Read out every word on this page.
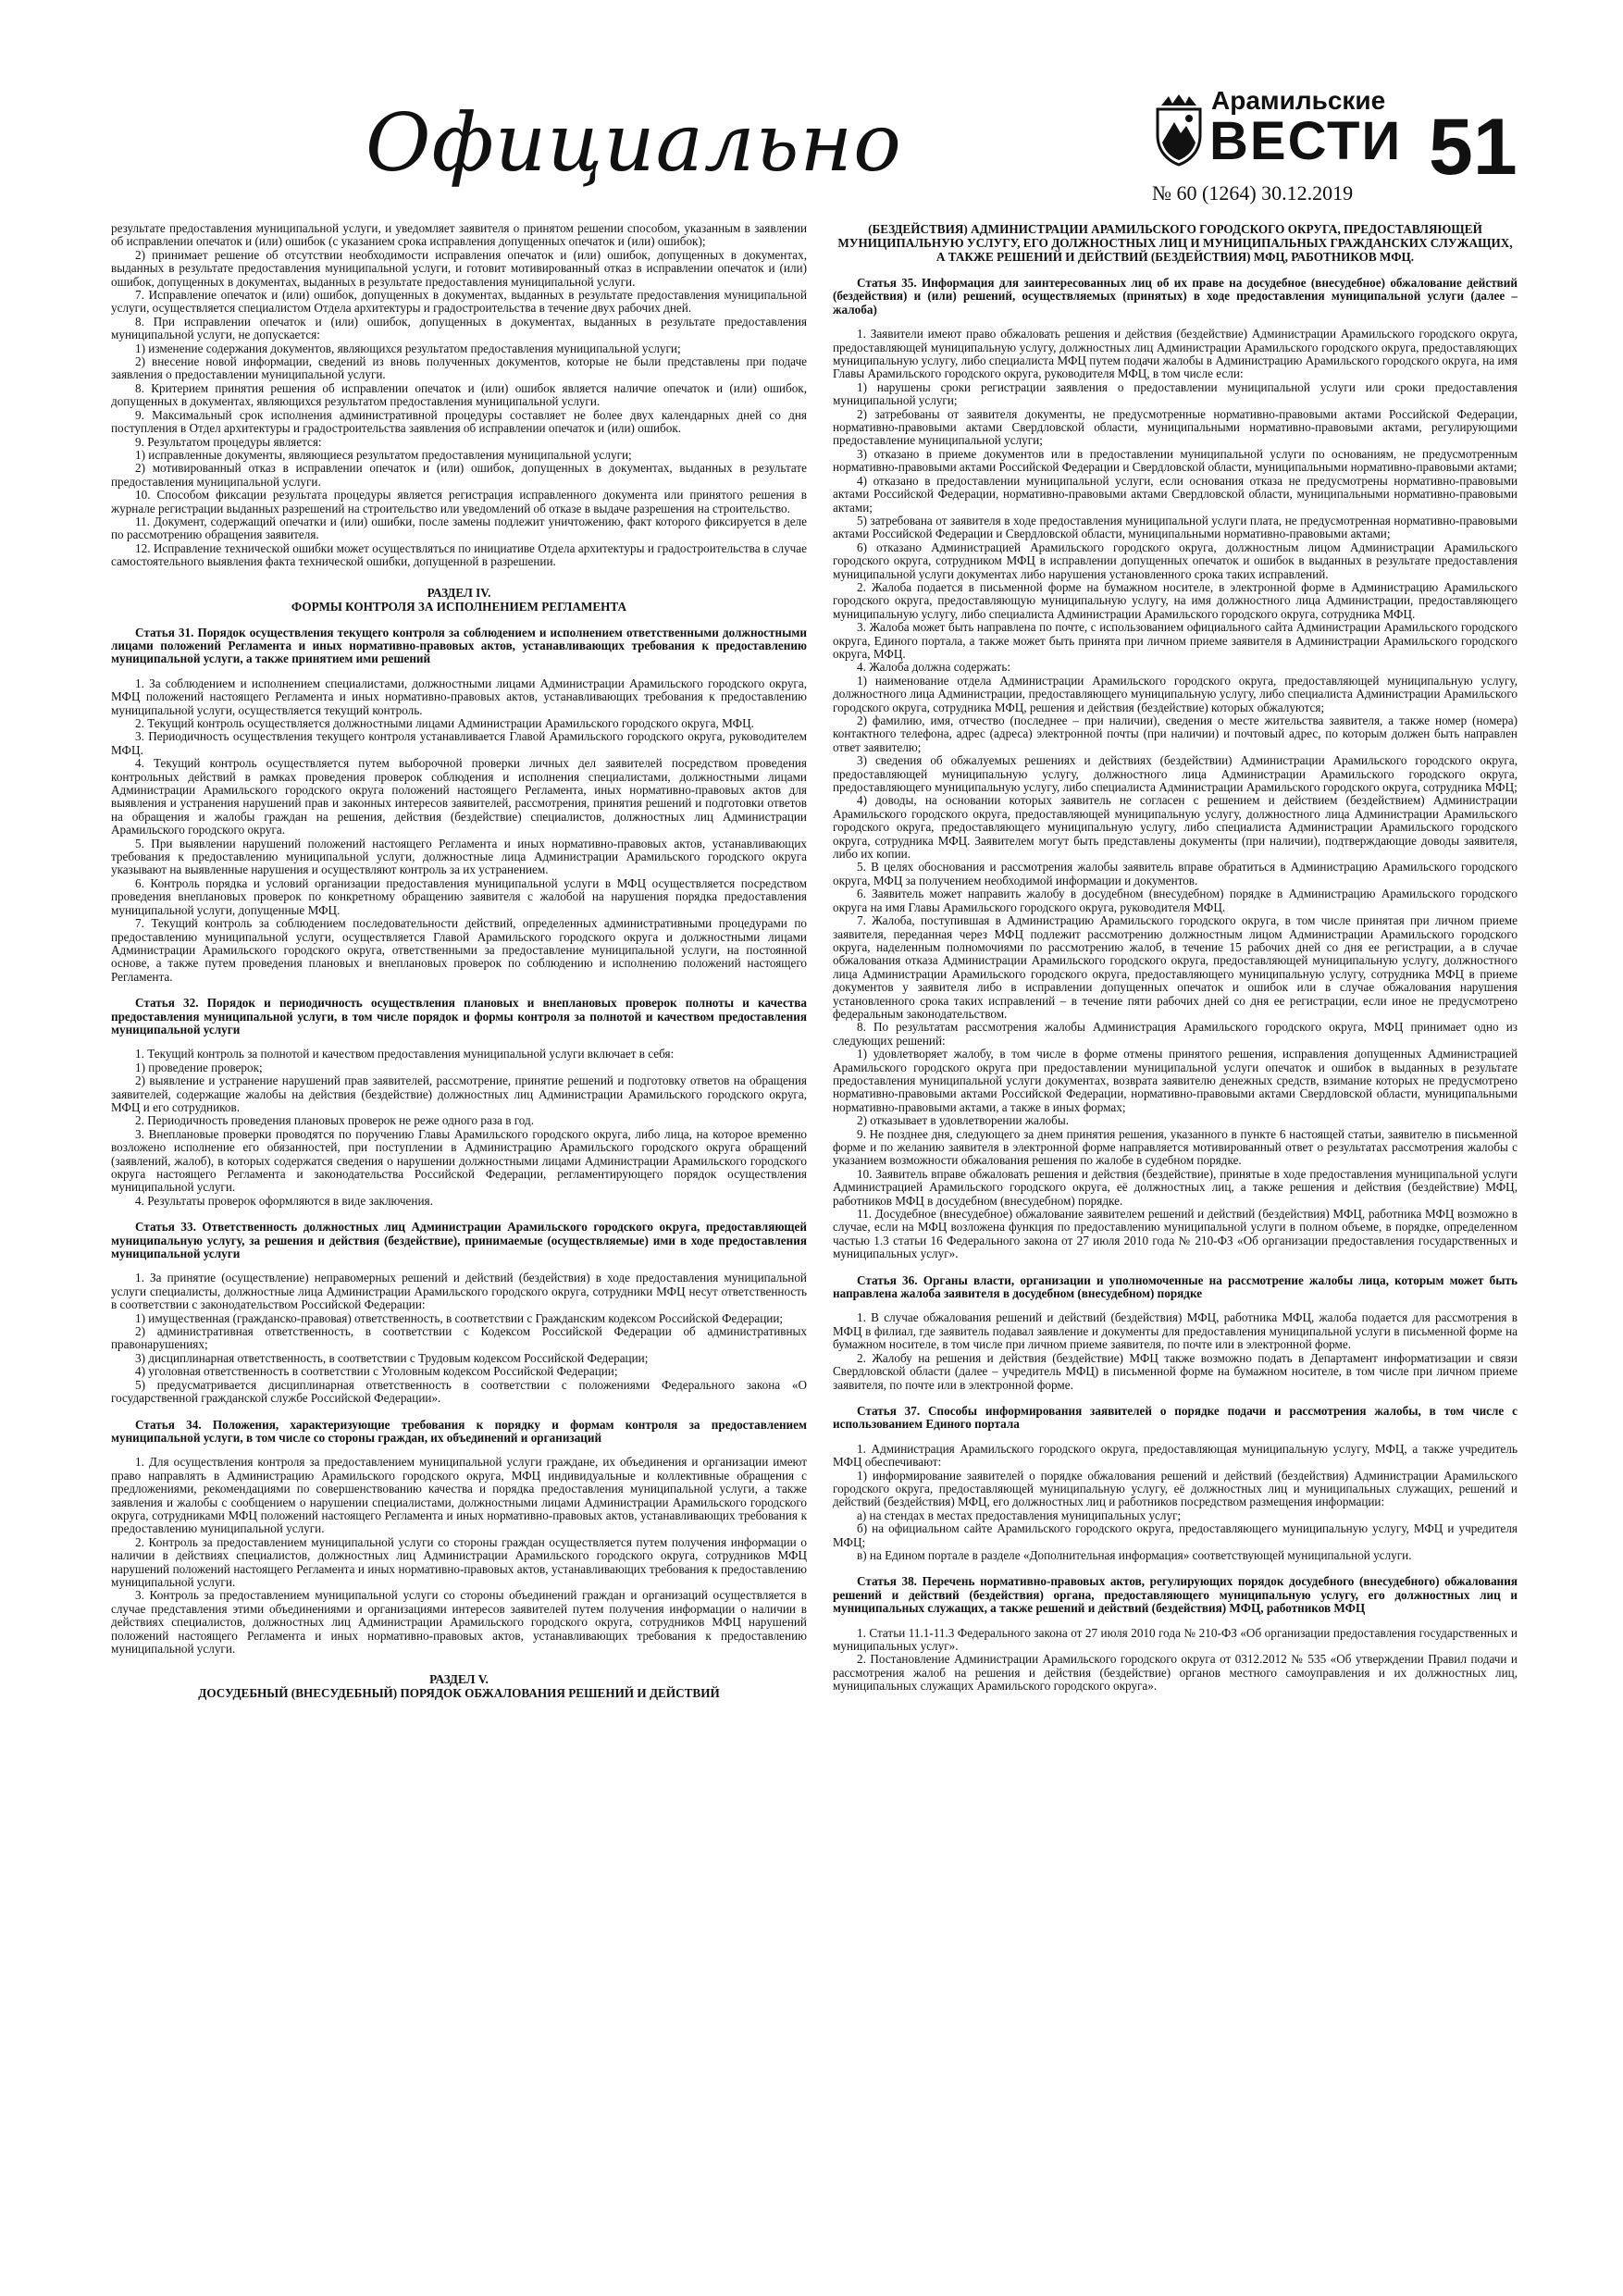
Официально	Арамильские
ВЕСТИ
№ 60 (1264) 30.12.2019
51

результате предоставления муниципальной услуги, и уведомляет заявителя о принятом решении способом, указанным в заявлении об исправлении опечаток и (или) ошибок (с указанием срока исправления допущенных опечаток и (или) ошибок);

2) принимает решение об отсутствии необходимости исправления опечаток и (или) ошибок, допущенных в документах, выданных в результате предоставления муниципальной услуги, и готовит мотивированный отказ в исправлении опечаток и (или) ошибок, допущенных в документах, выданных в результате предоставления муниципальной услуги.

7. Исправление опечаток и (или) ошибок, допущенных в документах, выданных в результате предоставления муниципальной услуги, осуществляется специалистом Отдела архитектуры и градостроительства в течение двух рабочих дней.

8. При исправлении опечаток и (или) ошибок, допущенных в документах, выданных в результате предоставления муниципальной услуги, не допускается:

1) изменение содержания документов, являющихся результатом предоставления муниципальной услуги;

2) внесение новой информации, сведений из вновь полученных документов, которые не были представлены при подаче заявления о предоставлении муниципальной услуги.

8. Критерием принятия решения об исправлении опечаток и (или) ошибок является наличие опечаток и (или) ошибок, допущенных в документах, являющихся результатом предоставления муниципальной услуги.

9. Максимальный срок исполнения административной процедуры составляет не более двух календарных дней со дня поступления в Отдел архитектуры и градостроительства заявления об исправлении опечаток и (или) ошибок.

9. Результатом процедуры является:

1) исправленные документы, являющиеся результатом предоставления муниципальной услуги;

2) мотивированный отказ в исправлении опечаток и (или) ошибок, допущенных в документах, выданных в результате предоставления муниципальной услуги.

10. Способом фиксации результата процедуры является регистрация исправленного документа или принятого решения в журнале регистрации выданных разрешений на строительство или уведомлений об отказе в выдаче разрешения на строительство.

11. Документ, содержащий опечатки и (или) ошибки, после замены подлежит уничтожению, факт которого фиксируется в деле по рассмотрению обращения заявителя.

12. Исправление технической ошибки может осуществляться по инициативе Отдела архитектуры и градостроительства в случае самостоятельного выявления факта технической ошибки, допущенной в разрешении.

РАЗДЕЛ IV.
ФОРМЫ КОНТРОЛЯ ЗА ИСПОЛНЕНИЕМ РЕГЛАМЕНТА
Статья 31. Порядок осуществления текущего контроля за соблюдением и исполнением ответственными должностными лицами положений Регламента и иных нормативно-правовых актов, устанавливающих требования к предоставлению муниципальной услуги, а также принятием ими решений

1. За соблюдением и исполнением специалистами, должностными лицами Администрации Арамильского городского округа, МФЦ положений настоящего Регламента и иных нормативно-правовых актов, устанавливающих требования к предоставлению муниципальной услуги, осуществляется текущий контроль.

2. Текущий контроль осуществляется должностными лицами Администрации Арамильского городского округа, МФЦ.

3. Периодичность осуществления текущего контроля устанавливается Главой Арамильского городского округа, руководителем МФЦ.

4. Текущий контроль осуществляется путем выборочной проверки личных дел заявителей посредством проведения контрольных действий в рамках проведения проверок соблюдения и исполнения специалистами, должностными лицами Администрации Арамильского городского округа положений настоящего Регламента, иных нормативно-правовых актов для выявления и устранения нарушений прав и законных интересов заявителей, рассмотрения, принятия решений и подготовки ответов на обращения и жалобы граждан на решения, действия (бездействие) специалистов, должностных лиц Администрации Арамильского городского округа.

5. При выявлении нарушений положений настоящего Регламента и иных нормативно-правовых актов, устанавливающих требования к предоставлению муниципальной услуги, должностные лица Администрации Арамильского городского округа указывают на выявленные нарушения и осуществляют контроль за их устранением.

6. Контроль порядка и условий организации предоставления муниципальной услуги в МФЦ осуществляется посредством проведения внеплановых проверок по конкретному обращению заявителя с жалобой на нарушения порядка предоставления муниципальной услуги, допущенные МФЦ.

7. Текущий контроль за соблюдением последовательности действий, определенных административными процедурами по предоставлению муниципальной услуги, осуществляется Главой Арамильского городского округа и должностными лицами Администрации Арамильского городского округа, ответственными за предоставление муниципальной услуги, на постоянной основе, а также путем проведения плановых и внеплановых проверок по соблюдению и исполнению положений настоящего Регламента.

Статья 32. Порядок и периодичность осуществления плановых и внеплановых проверок полноты и качества предоставления муниципальной услуги, в том числе порядок и формы контроля за полнотой и качеством предоставления муниципальной услуги

1. Текущий контроль за полнотой и качеством предоставления муниципальной услуги включает в себя:

1) проведение проверок;

2) выявление и устранение нарушений прав заявителей, рассмотрение, принятие решений и подготовку ответов на обращения заявителей, содержащие жалобы на действия (бездействие) должностных лиц Администрации Арамильского городского округа, МФЦ и его сотрудников.

2. Периодичность проведения плановых проверок не реже одного раза в год.

3. Внеплановые проверки проводятся по поручению Главы Арамильского городского округа, либо лица, на которое временно возложено исполнение его обязанностей, при поступлении в Администрацию Арамильского городского округа обращений (заявлений, жалоб), в которых содержатся сведения о нарушении должностными лицами Администрации Арамильского городского округа настоящего Регламента и законодательства Российской Федерации, регламентирующего порядок осуществления муниципальной услуги.

4. Результаты проверок оформляются в виде заключения.

Статья 33. Ответственность должностных лиц Администрации Арамильского городского округа, предоставляющей муниципальную услугу, за решения и действия (бездействие), принимаемые (осуществляемые) ими в ходе предоставления муниципальной услуги

1. За принятие (осуществление) неправомерных решений и действий (бездействия) в ходе предоставления муниципальной услуги специалисты, должностные лица Администрации Арамильского городского округа, сотрудники МФЦ несут ответственность в соответствии с законодательством Российской Федерации:

1) имущественная (гражданско-правовая) ответственность, в соответствии с Гражданским кодексом Российской Федерации;

2) административная ответственность, в соответствии с Кодексом Российской Федерации об административных правонарушениях;

3) дисциплинарная ответственность, в соответствии с Трудовым кодексом Российской Федерации;

4) уголовная ответственность в соответствии с Уголовным кодексом Российской Федерации;

5) предусматривается дисциплинарная ответственность в соответствии с положениями Федерального закона «О государственной гражданской службе Российской Федерации».

Статья 34. Положения, характеризующие требования к порядку и формам контроля за предоставлением муниципальной услуги, в том числе со стороны граждан, их объединений и организаций

1. Для осуществления контроля за предоставлением муниципальной услуги граждане, их объединения и организации имеют право направлять в Администрацию Арамильского городского округа, МФЦ индивидуальные и коллективные обращения с предложениями, рекомендациями по совершенствованию качества и порядка предоставления муниципальной услуги, а также заявления и жалобы с сообщением о нарушении специалистами, должностными лицами Администрации Арамильского городского округа, сотрудниками МФЦ положений настоящего Регламента и иных нормативно-правовых актов, устанавливающих требования к предоставлению муниципальной услуги.

2. Контроль за предоставлением муниципальной услуги со стороны граждан осуществляется путем получения информации о наличии в действиях специалистов, должностных лиц Администрации Арамильского городского округа, сотрудников МФЦ нарушений положений настоящего Регламента и иных нормативно-правовых актов, устанавливающих требования к предоставлению муниципальной услуги.

3. Контроль за предоставлением муниципальной услуги со стороны объединений граждан и организаций осуществляется в случае представления этими объединениями и организациями интересов заявителей путем получения информации о наличии в действиях специалистов, должностных лиц Администрации Арамильского городского округа, сотрудников МФЦ нарушений положений настоящего Регламента и иных нормативно-правовых актов, устанавливающих требования к предоставлению муниципальной услуги.

РАЗДЕЛ V.
ДОСУДЕБНЫЙ (ВНЕСУДЕБНЫЙ) ПОРЯДОК ОБЖАЛОВАНИЯ РЕШЕНИЙ И ДЕЙСТВИЙ
(БЕЗДЕЙСТВИЯ) АДМИНИСТРАЦИИ АРАМИЛЬСКОГО ГОРОДСКОГО ОКРУГА, ПРЕДОСТАВЛЯЮЩЕЙ МУНИЦИПАЛЬНУЮ УСЛУГУ, ЕГО ДОЛЖНОСТНЫХ ЛИЦ И МУНИЦИПАЛЬНЫХ ГРАЖДАНСКИХ СЛУЖАЩИХ, А ТАКЖЕ РЕШЕНИЙ И ДЕЙСТВИЙ (БЕЗДЕЙСТВИЯ) МФЦ, РАБОТНИКОВ МФЦ.
Статья 35. Информация для заинтересованных лиц об их праве на досудебное (внесудебное) обжалование действий (бездействия) и (или) решений, осуществляемых (принятых) в ходе предоставления муниципальной услуги (далее – жалоба)

1. Заявители имеют право обжаловать решения и действия (бездействие) Администрации Арамильского городского округа, предоставляющей муниципальную услугу, должностных лиц Администрации Арамильского городского округа, предоставляющих муниципальную услугу, либо специалиста МФЦ путем подачи жалобы в Администрацию Арамильского городского округа, на имя Главы Арамильского городского округа, руководителя МФЦ, в том числе если:

1) нарушены сроки регистрации заявления о предоставлении муниципальной услуги или сроки предоставления муниципальной услуги;

2) затребованы от заявителя документы, не предусмотренные нормативно-правовыми актами Российской Федерации, нормативно-правовыми актами Свердловской области, муниципальными нормативно-правовыми актами, регулирующими предоставление муниципальной услуги;

3) отказано в приеме документов или в предоставлении муниципальной услуги по основаниям, не предусмотренным нормативно-правовыми актами Российской Федерации и Свердловской области, муниципальными нормативно-правовыми актами;

4) отказано в предоставлении муниципальной услуги, если основания отказа не предусмотрены нормативно-правовыми актами Российской Федерации, нормативно-правовыми актами Свердловской области, муниципальными нормативно-правовыми актами;

5) затребована от заявителя в ходе предоставления муниципальной услуги плата, не предусмотренная нормативно-правовыми актами Российской Федерации и Свердловской области, муниципальными нормативно-правовыми актами;

6) отказано Администрацией Арамильского городского округа, должностным лицом Администрации Арамильского городского округа, сотрудником МФЦ в исправлении допущенных опечаток и ошибок в выданных в результате предоставления муниципальной услуги документах либо нарушения установленного срока таких исправлений.

2. Жалоба подается в письменной форме на бумажном носителе, в электронной форме в Администрацию Арамильского городского округа, предоставляющую муниципальную услугу, на имя должностного лица Администрации, предоставляющего муниципальную услугу, либо специалиста Администрации Арамильского городского округа, сотрудника МФЦ.

3. Жалоба может быть направлена по почте, с использованием официального сайта Администрации Арамильского городского округа, Единого портала, а также может быть принята при личном приеме заявителя в Администрации Арамильского городского округа, МФЦ.

4. Жалоба должна содержать:

1) наименование отдела Администрации Арамильского городского округа, предоставляющей муниципальную услугу, должностного лица Администрации, предоставляющего муниципальную услугу, либо специалиста Администрации Арамильского городского округа, сотрудника МФЦ, решения и действия (бездействие) которых обжалуются;

2) фамилию, имя, отчество (последнее – при наличии), сведения о месте жительства заявителя, а также номер (номера) контактного телефона, адрес (адреса) электронной почты (при наличии) и почтовый адрес, по которым должен быть направлен ответ заявителю;

3) сведения об обжалуемых решениях и действиях (бездействии) Администрации Арамильского городского округа, предоставляющей муниципальную услугу, должностного лица Администрации Арамильского городского округа, предоставляющего муниципальную услугу, либо специалиста Администрации Арамильского городского округа, сотрудника МФЦ;

4) доводы, на основании которых заявитель не согласен с решением и действием (бездействием) Администрации Арамильского городского округа, предоставляющей муниципальную услугу, должностного лица Администрации Арамильского городского округа, предоставляющего муниципальную услугу, либо специалиста Администрации Арамильского городского округа, сотрудника МФЦ. Заявителем могут быть представлены документы (при наличии), подтверждающие доводы заявителя, либо их копии.

5. В целях обоснования и рассмотрения жалобы заявитель вправе обратиться в Администрацию Арамильского городского округа, МФЦ за получением необходимой информации и документов.

6. Заявитель может направить жалобу в досудебном (внесудебном) порядке в Администрацию Арамильского городского округа на имя Главы Арамильского городского округа, руководителя МФЦ.

7. Жалоба, поступившая в Администрацию Арамильского городского округа, в том числе принятая при личном приеме заявителя, переданная через МФЦ подлежит рассмотрению должностным лицом Администрации Арамильского городского округа, наделенным полномочиями по рассмотрению жалоб, в течение 15 рабочих дней со дня ее регистрации, а в случае обжалования отказа Администрации Арамильского городского округа, предоставляющей муниципальную услугу, должностного лица Администрации Арамильского городского округа, предоставляющего муниципальную услугу, сотрудника МФЦ в приеме документов у заявителя либо в исправлении допущенных опечаток и ошибок или в случае обжалования нарушения установленного срока таких исправлений – в течение пяти рабочих дней со дня ее регистрации, если иное не предусмотрено федеральным законодательством.

8. По результатам рассмотрения жалобы Администрация Арамильского городского округа, МФЦ принимает одно из следующих решений:

1) удовлетворяет жалобу, в том числе в форме отмены принятого решения, исправления допущенных Администрацией Арамильского городского округа при предоставлении муниципальной услуги опечаток и ошибок в выданных в результате предоставления муниципальной услуги документах, возврата заявителю денежных средств, взимание которых не предусмотрено нормативно-правовыми актами Российской Федерации, нормативно-правовыми актами Свердловской области, муниципальными нормативно-правовыми актами, а также в иных формах;

2) отказывает в удовлетворении жалобы.

9. Не позднее дня, следующего за днем принятия решения, указанного в пункте 6 настоящей статьи, заявителю в письменной форме и по желанию заявителя в электронной форме направляется мотивированный ответ о результатах рассмотрения жалобы с указанием возможности обжалования решения по жалобе в судебном порядке.

10. Заявитель вправе обжаловать решения и действия (бездействие), принятые в ходе предоставления муниципальной услуги Администрацией Арамильского городского округа, её должностных лиц, а также решения и действия (бездействие) МФЦ, работников МФЦ в досудебном (внесудебном) порядке.

11. Досудебное (внесудебное) обжалование заявителем решений и действий (бездействия) МФЦ, работника МФЦ возможно в случае, если на МФЦ возложена функция по предоставлению муниципальной услуги в полном объеме, в порядке, определенном частью 1.3 статьи 16 Федерального закона от 27 июля 2010 года № 210-ФЗ «Об организации предоставления государственных и муниципальных услуг».

Статья 36. Органы власти, организации и уполномоченные на рассмотрение жалобы лица, которым может быть направлена жалоба заявителя в досудебном (внесудебном) порядке

1. В случае обжалования решений и действий (бездействия) МФЦ, работника МФЦ, жалоба подается для рассмотрения в МФЦ в филиал, где заявитель подавал заявление и документы для предоставления муниципальной услуги в письменной форме на бумажном носителе, в том числе при личном приеме заявителя, по почте или в электронной форме.

2. Жалобу на решения и действия (бездействие) МФЦ также возможно подать в Департамент информатизации и связи Свердловской области (далее – учредитель МФЦ) в письменной форме на бумажном носителе, в том числе при личном приеме заявителя, по почте или в электронной форме.

Статья 37. Способы информирования заявителей о порядке подачи и рассмотрения жалобы, в том числе с использованием Единого портала

1. Администрация Арамильского городского округа, предоставляющая муниципальную услугу, МФЦ, а также учредитель МФЦ обеспечивают:

1) информирование заявителей о порядке обжалования решений и действий (бездействия) Администрации Арамильского городского округа, предоставляющей муниципальную услугу, её должностных лиц и муниципальных служащих, решений и действий (бездействия) МФЦ, его должностных лиц и работников посредством размещения информации:

а) на стендах в местах предоставления муниципальных услуг;

б) на официальном сайте Арамильского городского округа, предоставляющего муниципальную услугу, МФЦ и учредителя МФЦ;

в) на Едином портале в разделе «Дополнительная информация» соответствующей муниципальной услуги.

Статья 38. Перечень нормативно-правовых актов, регулирующих порядок досудебного (внесудебного) обжалования решений и действий (бездействия) органа, предоставляющего муниципальную услугу, его должностных лиц и муниципальных служащих, а также решений и действий (бездействия) МФЦ, работников МФЦ

1. Статьи 11.1-11.3 Федерального закона от 27 июля 2010 года № 210-ФЗ «Об организации предоставления государственных и муниципальных услуг».

2. Постановление Администрации Арамильского городского округа от 0312.2012 № 535 «Об утверждении Правил подачи и рассмотрения жалоб на решения и действия (бездействие) органов местного самоуправления и их должностных лиц, муниципальных служащих Арамильского городского округа».
